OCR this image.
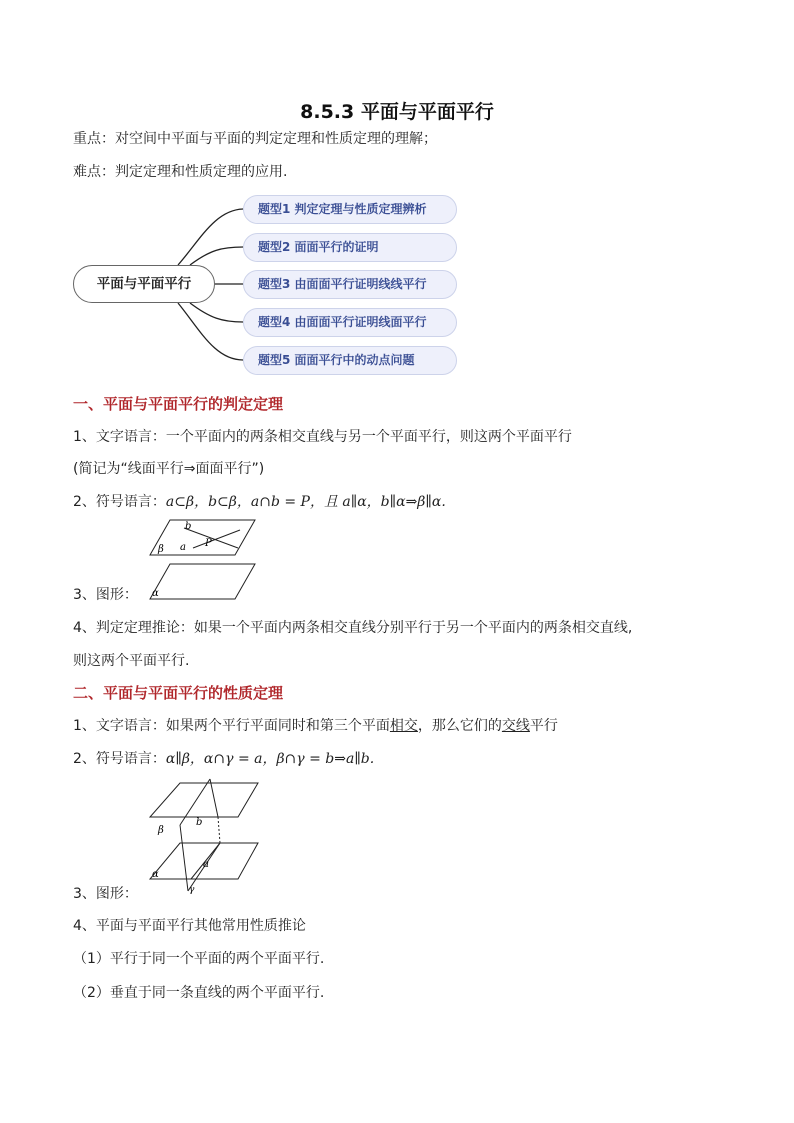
8.5.3 平面与平面平行
重点：对空间中平面与平面的判定定理和性质定理的理解；
难点：判定定理和性质定理的应用.
平面与平面平行
题型1 判定定理与性质定理辨析
题型2 面面平行的证明
题型3 由面面平行证明线线平行
题型4 由面面平行证明线面平行
题型5 面面平行中的动点问题
一、平面与平面平行的判定定理
1、文字语言：一个平面内的两条相交直线与另一个平面平行，则这两个平面平行
(简记为“线面平行⇒面面平行”)
2、符号语言：a⊂β，b⊂β，a∩b = P，且 a∥α，b∥α⇒β∥α.
b
a P
β
α
3、图形：
4、判定定理推论：如果一个平面内两条相交直线分别平行于另一个平面内的两条相交直线,
则这两个平面平行.
二、平面与平面平行的性质定理
1、文字语言：如果两个平行平面同时和第三个平面相交，那么它们的交线平行
2、符号语言：α∥β，α∩γ = a，β∩γ = b⇒a∥b.
β
b
a
α
γ
3、图形：
4、平面与平面平行其他常用性质推论
（1）平行于同一个平面的两个平面平行.
（2）垂直于同一条直线的两个平面平行.
